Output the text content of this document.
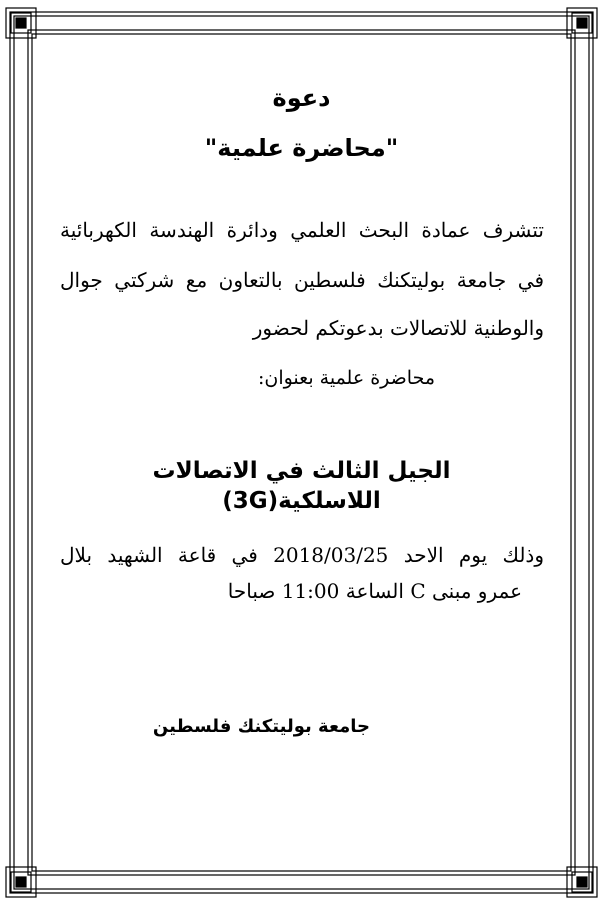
دعوة
"محاضرة علمية"
تتشرف عمادة البحث العلمي ودائرة الهندسة الكهربائية
في جامعة بوليتكنك فلسطين بالتعاون مع شركتي جوال
والوطنية للاتصالات بدعوتكم لحضور
محاضرة علمية بعنوان:
الجيل الثالث في الاتصالات اللاسلكية(3G)
وذلك يوم الاحد 2018/03/25 في قاعة الشهيد بلال
عمرو مبنى C الساعة 11:00 صباحا
جامعة بوليتكنك فلسطين
